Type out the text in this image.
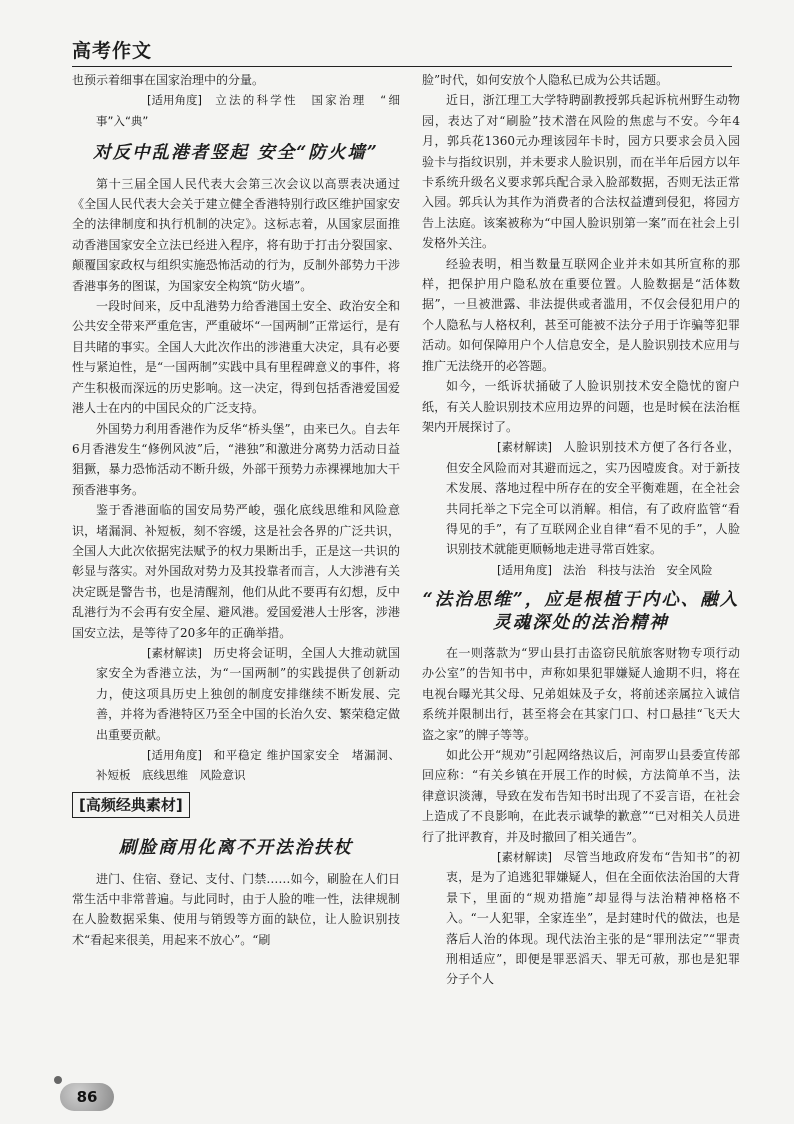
高考作文

也预示着细事在国家治理中的分量。

[适用角度] 立法的科学性　国家治理　“细事”入“典”

对反中乱港者竖起 安全“防火墙”

第十三届全国人民代表大会第三次会议以高票表决通过《全国人民代表大会关于建立健全香港特别行政区维护国家安全的法律制度和执行机制的决定》。这标志着，从国家层面推动香港国家安全立法已经进入程序，将有助于打击分裂国家、颠覆国家政权与组织实施恐怖活动的行为，反制外部势力干涉香港事务的图谋，为国家安全构筑“防火墙”。

一段时间来，反中乱港势力给香港国土安全、政治安全和公共安全带来严重危害，严重破坏“一国两制”正常运行，是有目共睹的事实。全国人大此次作出的涉港重大决定，具有必要性与紧迫性，是“一国两制”实践中具有里程碑意义的事件，将产生积极而深远的历史影响。这一决定，得到包括香港爱国爱港人士在内的中国民众的广泛支持。

外国势力利用香港作为反华“桥头堡”，由来已久。自去年6月香港发生“修例风波”后，“港独”和激进分离势力活动日益猖獗，暴力恐怖活动不断升级，外部干预势力赤裸裸地加大干预香港事务。

鉴于香港面临的国安局势严峻，强化底线思维和风险意识，堵漏洞、补短板，刻不容缓，这是社会各界的广泛共识，全国人大此次依据宪法赋予的权力果断出手，正是这一共识的彰显与落实。对外国敌对势力及其投靠者而言，人大涉港有关决定既是警告书，也是清醒剂，他们从此不要再有幻想，反中乱港行为不会再有安全屋、避风港。爱国爱港人士彤客，涉港国安立法，是等待了20多年的正确举措。

[素材解读] 历史将会证明，全国人大推动就国家安全为香港立法，为“一国两制”的实践提供了创新动力，使这项具历史上独创的制度安排继续不断发展、完善，并将为香港特区乃至全中国的长治久安、繁荣稳定做出重要贡献。

[适用角度] 和平稳定 维护国家安全　堵漏洞、补短板　底线思维　风险意识

[高频经典素材]
刷脸商用化离不开法治扶杖

进门、住宿、登记、支付、门禁……如今，刷脸在人们日常生活中非常普遍。与此同时，由于人脸的唯一性，法律规制在人脸数据采集、使用与销毁等方面的缺位，让人脸识别技术“看起来很美，用起来不放心”。“刷

脸”时代，如何安放个人隐私已成为公共话题。

近日，浙江理工大学特聘副教授郭兵起诉杭州野生动物园，表达了对“刷脸”技术潜在风险的焦虑与不安。今年4月，郭兵花1360元办理该园年卡时，园方只要求会员入园验卡与指纹识别，并未要求人脸识别，而在半年后园方以年卡系统升级名义要求郭兵配合录入脸部数据，否则无法正常入园。郭兵认为其作为消费者的合法权益遭到侵犯，将园方告上法庭。该案被称为“中国人脸识别第一案”而在社会上引发格外关注。

经验表明，相当数量互联网企业并未如其所宣称的那样，把保护用户隐私放在重要位置。人脸数据是“活体数据”，一旦被泄露、非法提供或者滥用，不仅会侵犯用户的个人隐私与人格权利，甚至可能被不法分子用于诈骗等犯罪活动。如何保障用户个人信息安全，是人脸识别技术应用与推广无法绕开的必答题。

如今，一纸诉状捅破了人脸识别技术安全隐忧的窗户纸，有关人脸识别技术应用边界的问题，也是时候在法治框架内开展探讨了。

[素材解读] 人脸识别技术方便了各行各业，但安全风险而对其避而远之，实乃因噎废食。对于新技术发展、落地过程中所存在的安全平衡难题，在全社会共同托举之下完全可以消解。相信，有了政府监管“看得见的手”，有了互联网企业自律“看不见的手”，人脸识别技术就能更顺畅地走进寻常百姓家。

[适用角度] 法治　科技与法治　安全风险

“法治思维”，应是根植于内心、融入
灵魂深处的法治精神

在一则落款为“罗山县打击盗窃民航旅客财物专项行动办公室”的告知书中，声称如果犯罪嫌疑人逾期不归，将在电视台曝光其父母、兄弟姐妹及子女，将前述亲属拉入诚信系统并限制出行，甚至将会在其家门口、村口悬挂“飞天大盗之家”的牌子等等。

如此公开“规劝”引起网络热议后，河南罗山县委宣传部回应称：“有关乡镇在开展工作的时候，方法简单不当，法律意识淡薄，导致在发布告知书时出现了不妥言语，在社会上造成了不良影响，在此表示诚挚的歉意”“已对相关人员进行了批评教育，并及时撤回了相关通告”。

[素材解读] 尽管当地政府发布“告知书”的初衷，是为了追逃犯罪嫌疑人，但在全面依法治国的大背景下，里面的“规劝措施”却显得与法治精神格格不入。“一人犯罪，全家连坐”，是封建时代的做法，也是落后人治的体现。现代法治主张的是“罪刑法定”“罪责刑相适应”，即便是罪恶滔天、罪无可赦，那也是犯罪分子个人

86
